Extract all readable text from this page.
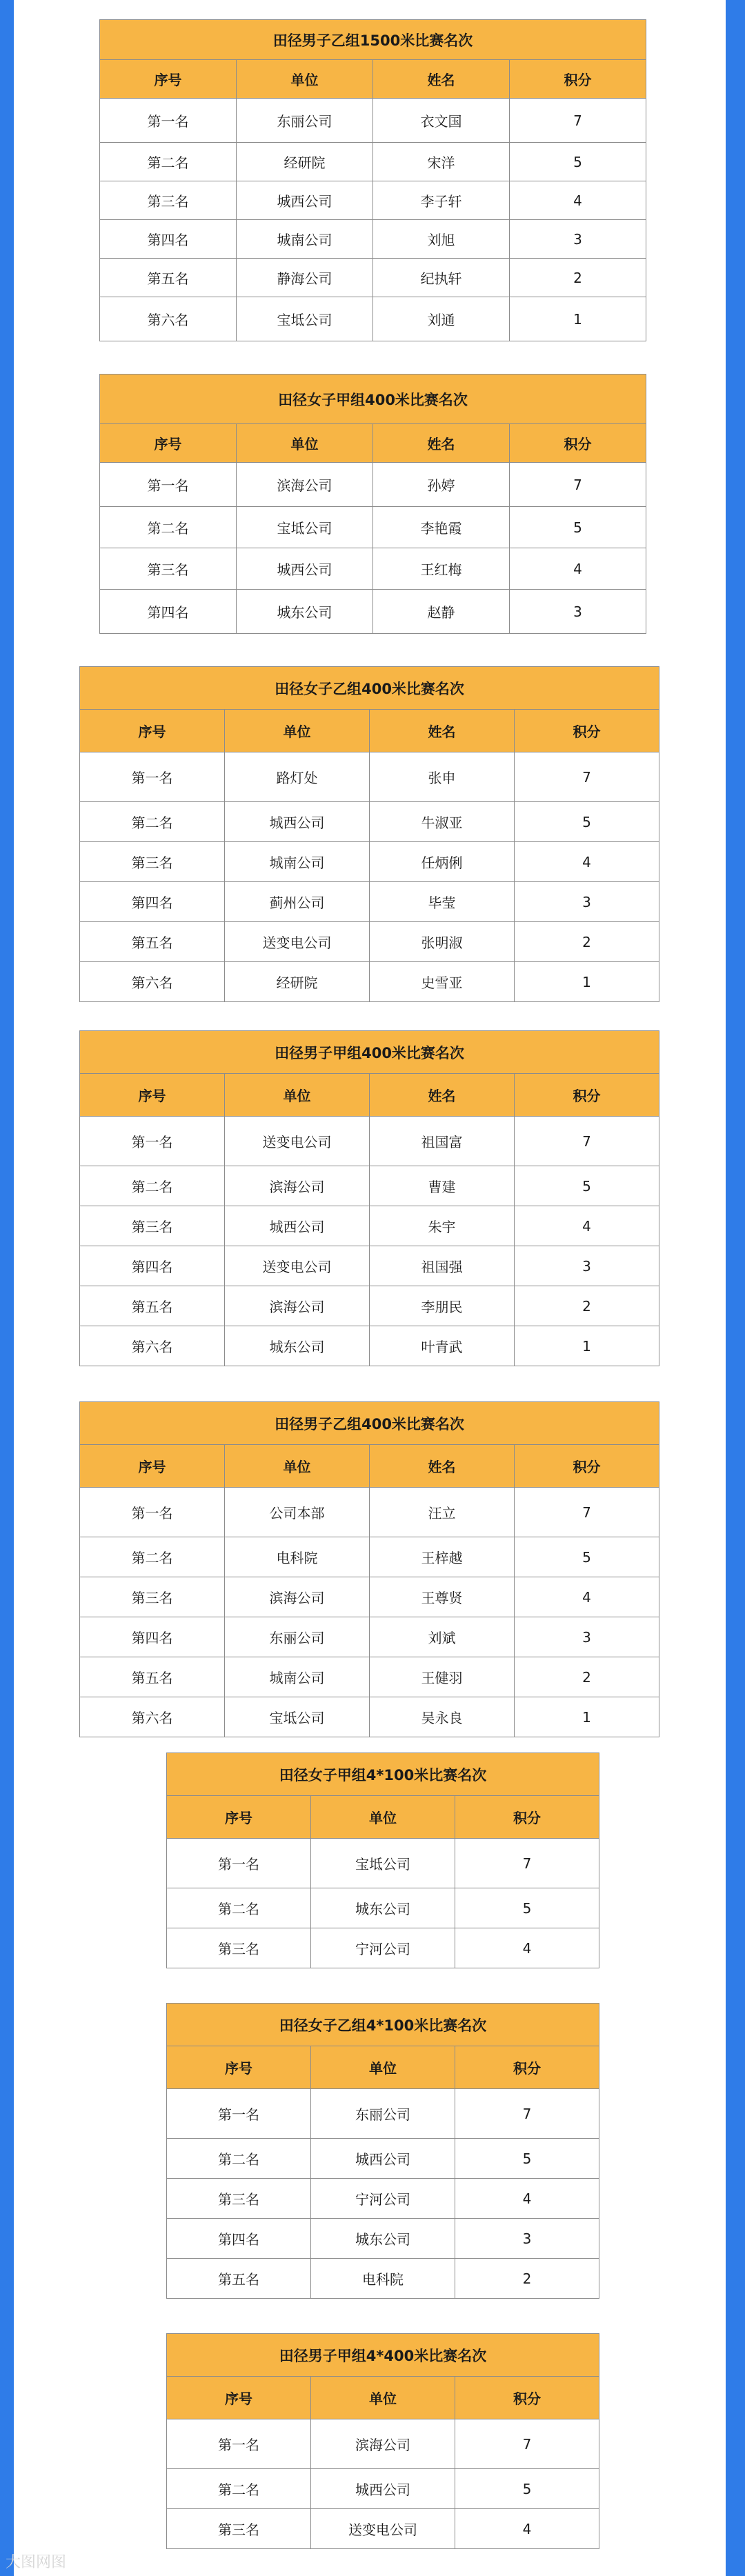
田径男子乙组1500米比赛名次			
序号	单位	姓名	积分
第一名	东丽公司	衣文国	7
第二名	经研院	宋洋	5
第三名	城西公司	李子轩	4
第四名	城南公司	刘旭	3
第五名	静海公司	纪执轩	2
第六名	宝坻公司	刘通	1
田径女子甲组400米比赛名次			
序号	单位	姓名	积分
第一名	滨海公司	孙婷	7
第二名	宝坻公司	李艳霞	5
第三名	城西公司	王红梅	4
第四名	城东公司	赵静	3
田径女子乙组400米比赛名次			
序号	单位	姓名	积分
第一名	路灯处	张申	7
第二名	城西公司	牛淑亚	5
第三名	城南公司	任炳俐	4
第四名	蓟州公司	毕莹	3
第五名	送变电公司	张明淑	2
第六名	经研院	史雪亚	1
田径男子甲组400米比赛名次			
序号	单位	姓名	积分
第一名	送变电公司	祖国富	7
第二名	滨海公司	曹建	5
第三名	城西公司	朱宇	4
第四名	送变电公司	祖国强	3
第五名	滨海公司	李朋民	2
第六名	城东公司	叶青武	1
田径男子乙组400米比赛名次			
序号	单位	姓名	积分
第一名	公司本部	汪立	7
第二名	电科院	王梓越	5
第三名	滨海公司	王尊贤	4
第四名	东丽公司	刘斌	3
第五名	城南公司	王健羽	2
第六名	宝坻公司	吴永良	1
田径女子甲组4*100米比赛名次		
序号	单位	积分
第一名	宝坻公司	7
第二名	城东公司	5
第三名	宁河公司	4
田径女子乙组4*100米比赛名次		
序号	单位	积分
第一名	东丽公司	7
第二名	城西公司	5
第三名	宁河公司	4
第四名	城东公司	3
第五名	电科院	2
田径男子甲组4*400米比赛名次		
序号	单位	积分
第一名	滨海公司	7
第二名	城西公司	5
第三名	送变电公司	4
大图网图
